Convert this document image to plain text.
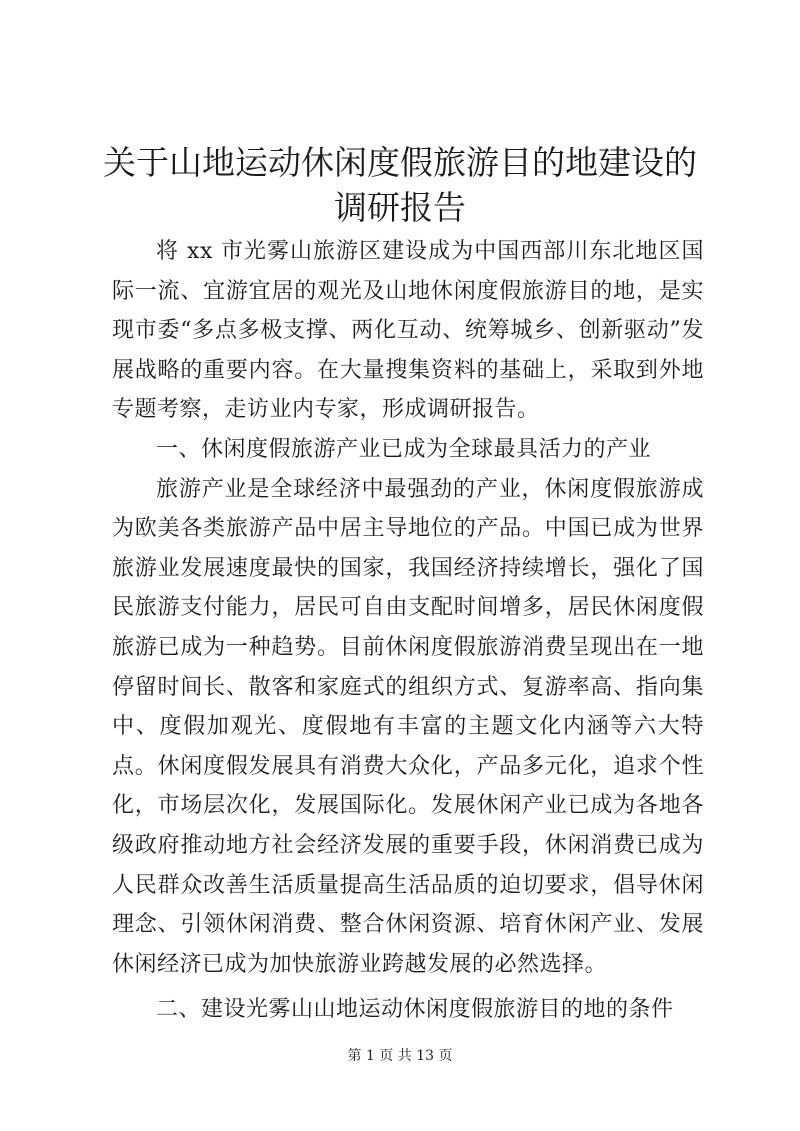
关于山地运动休闲度假旅游目的地建设的调研报告

将 xx 市光雾山旅游区建设成为中国西部川东北地区国际一流、宜游宜居的观光及山地休闲度假旅游目的地，是实现市委“多点多极支撑、两化互动、统筹城乡、创新驱动”发展战略的重要内容。在大量搜集资料的基础上，采取到外地专题考察，走访业内专家，形成调研报告。

一、休闲度假旅游产业已成为全球最具活力的产业

旅游产业是全球经济中最强劲的产业，休闲度假旅游成为欧美各类旅游产品中居主导地位的产品。中国已成为世界旅游业发展速度最快的国家，我国经济持续增长，强化了国民旅游支付能力，居民可自由支配时间增多，居民休闲度假旅游已成为一种趋势。目前休闲度假旅游消费呈现出在一地停留时间长、散客和家庭式的组织方式、复游率高、指向集中、度假加观光、度假地有丰富的主题文化内涵等六大特点。休闲度假发展具有消费大众化，产品多元化，追求个性化，市场层次化，发展国际化。发展休闲产业已成为各地各级政府推动地方社会经济发展的重要手段，休闲消费已成为人民群众改善生活质量提高生活品质的迫切要求，倡导休闲理念、引领休闲消费、整合休闲资源、培育休闲产业、发展休闲经济已成为加快旅游业跨越发展的必然选择。

二、建设光雾山山地运动休闲度假旅游目的地的条件

第 1 页 共 13 页
